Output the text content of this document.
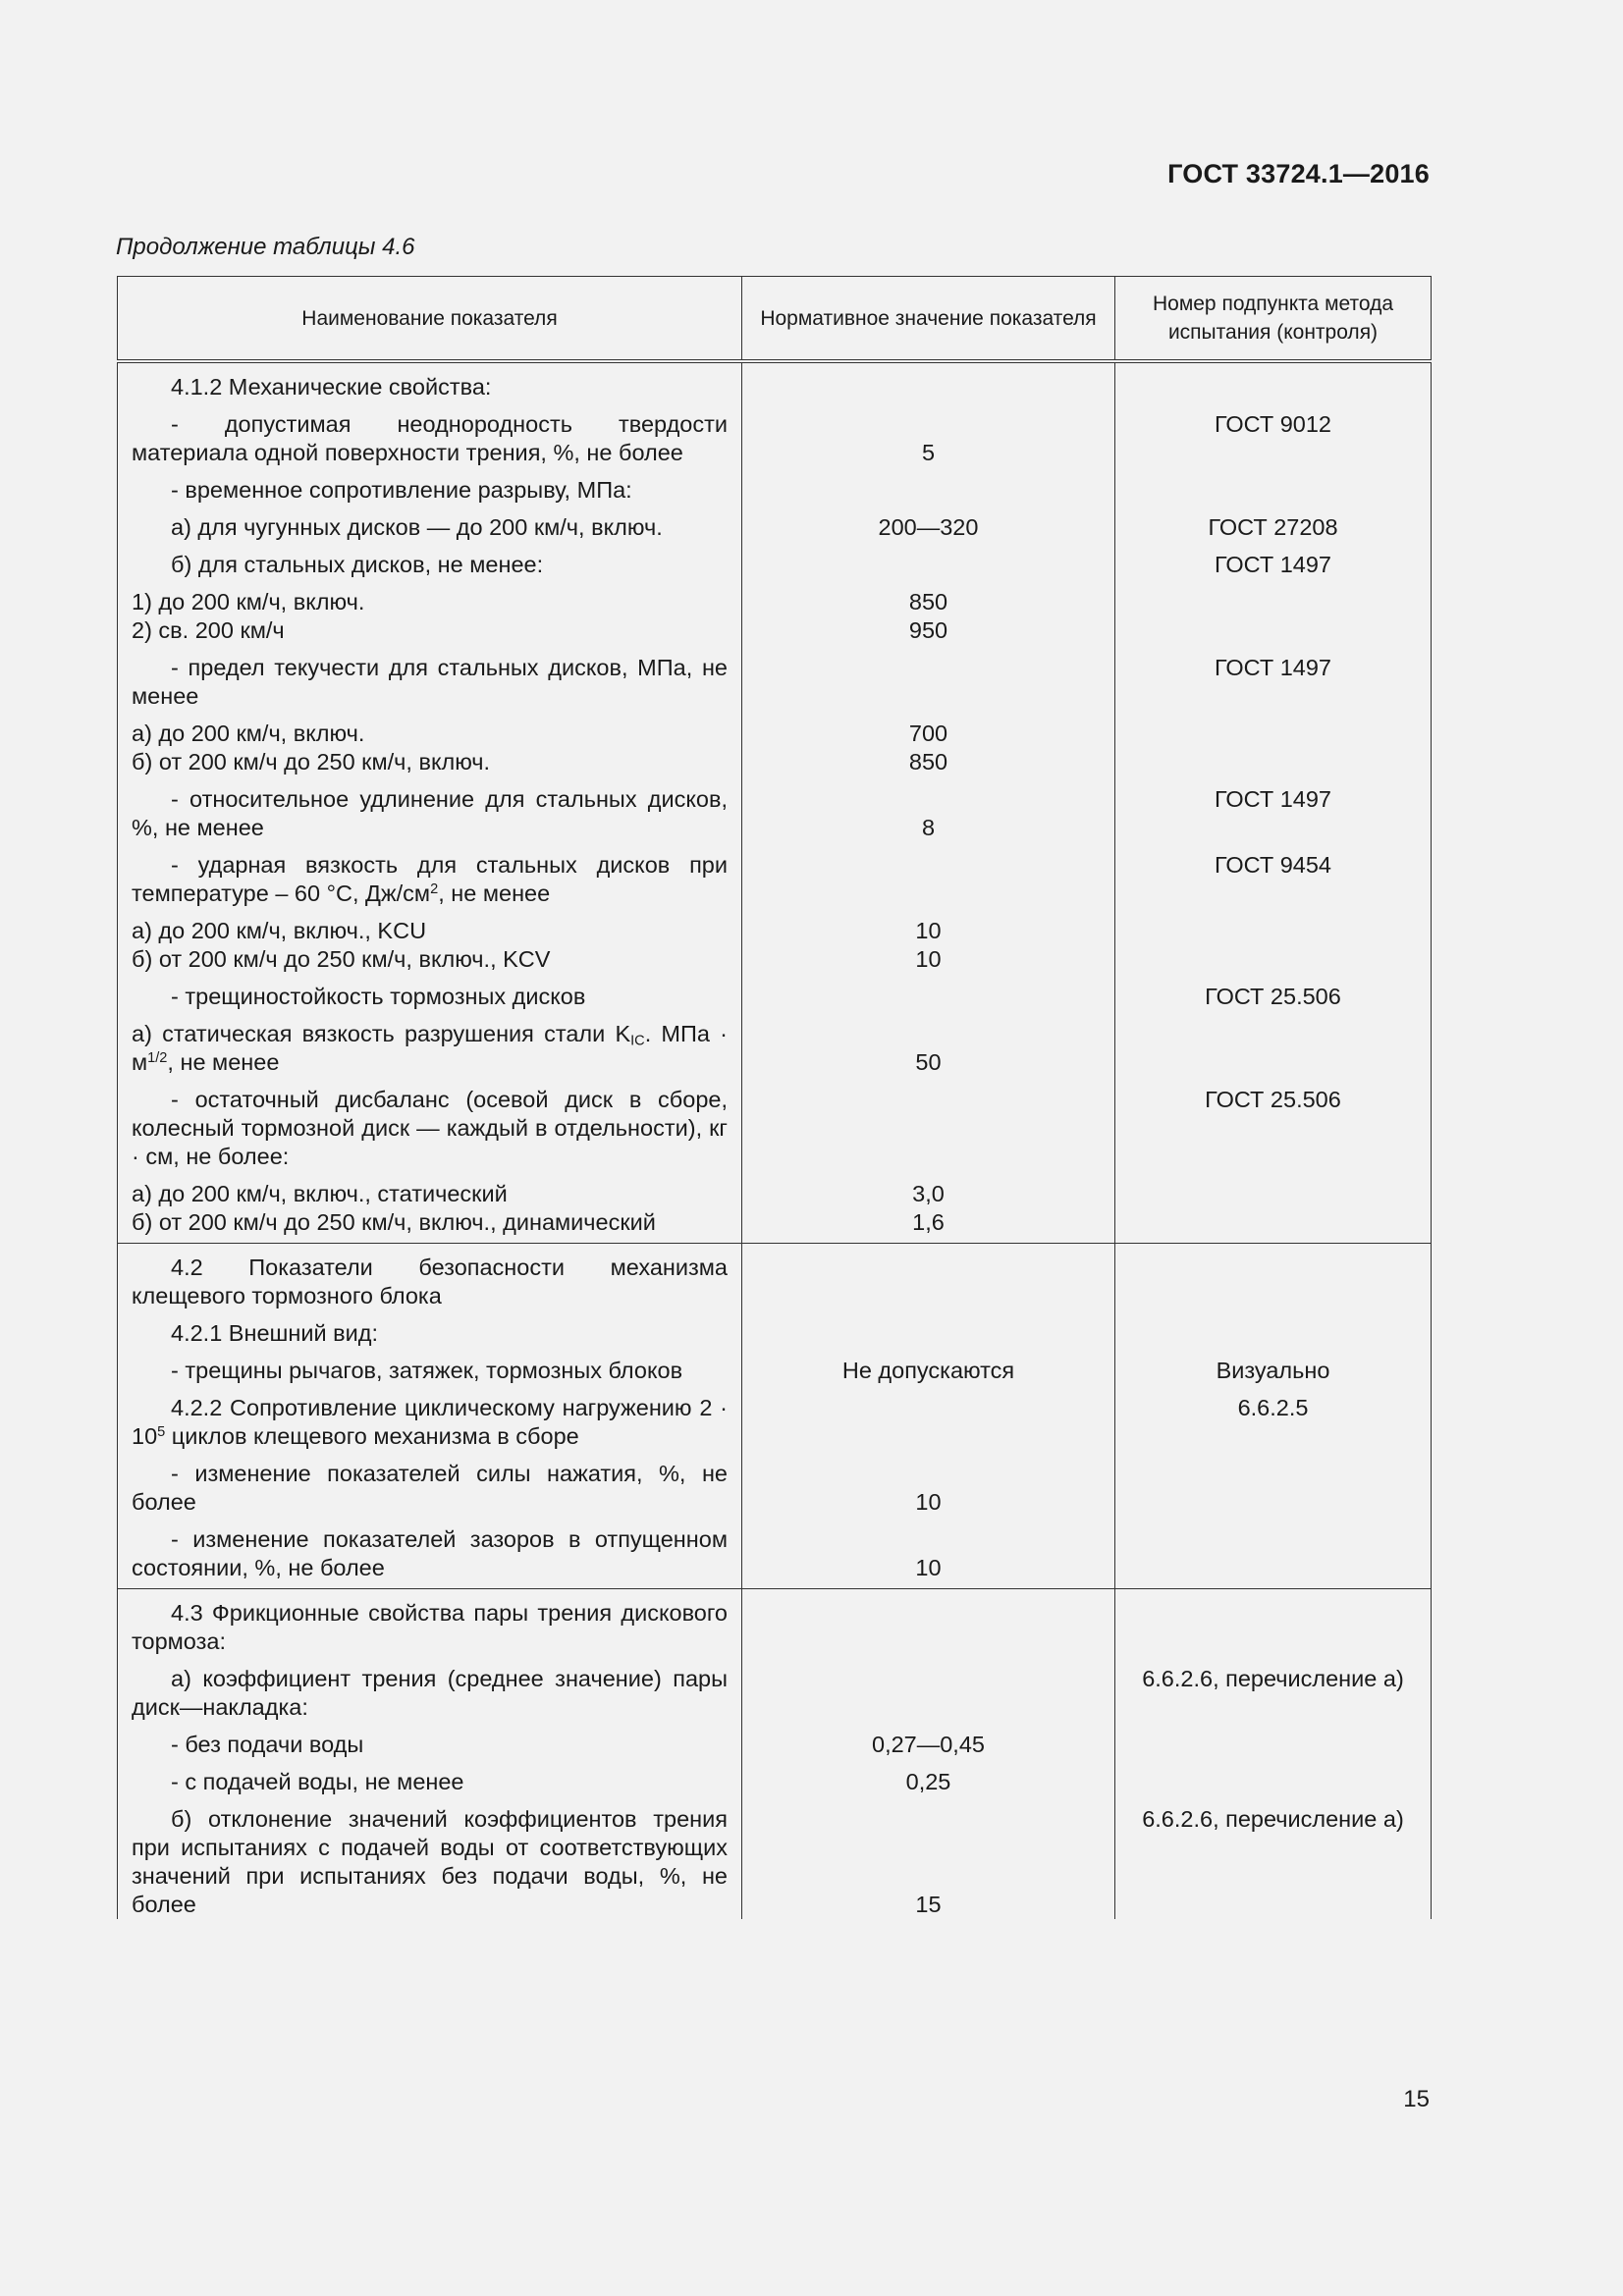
ГОСТ 33724.1—2016
Продолжение таблицы 4.6
Наименование показателя	Нормативное значение показателя	Номер подпункта метода испытания (контроля)
4.1.2 Механические свойства:		
- допустимая неоднородность твердости материала одной поверхности трения, %, не более	5	ГОСТ 9012
- временное сопротивление разрыву, МПа:		
а) для чугунных дисков — до 200 км/ч, включ.	200—320	ГОСТ 27208
б) для стальных дисков, не менее:		ГОСТ 1497
1) до 200 км/ч, включ.	850	
2) св. 200 км/ч	950	
- предел текучести для стальных дисков, МПа, не менее		ГОСТ 1497
а) до 200 км/ч, включ.	700	
б) от 200 км/ч до 250 км/ч, включ.	850	
- относительное удлинение для стальных дисков, %, не менее	8	ГОСТ 1497
- ударная вязкость для стальных дисков при температуре – 60 °С, $Дж/см^2$, не менее		ГОСТ 9454
а) до 200 км/ч, включ., KCU	10	
б) от 200 км/ч до 250 км/ч, включ., KCV	10	
- трещиностойкость тормозных дисков		ГОСТ 25.506
а) статическая вязкость разрушения стали $K_{IC}$. МПа · $м^{1/2}$, не менее	50	
- остаточный дисбаланс (осевой диск в сборе, колесный тормозной диск — каждый в отдельности), кг · см, не более:		ГОСТ 25.506
а) до 200 км/ч, включ., статический	3,0	
б) от 200 км/ч до 250 км/ч, включ., динамический	1,6	
4.2 Показатели безопасности механизма клещевого тормозного блока		
4.2.1 Внешний вид:		
- трещины рычагов, затяжек, тормозных блоков	Не допускаются	Визуально
4.2.2 Сопротивление циклическому нагружению $2 \cdot 10^5$ циклов клещевого механизма в сборе		6.6.2.5
- изменение показателей силы нажатия, %, не более	10	
- изменение показателей зазоров в отпущенном состоянии, %, не более	10	
4.3 Фрикционные свойства пары трения дискового тормоза:		
а) коэффициент трения (среднее значение) пары диск—накладка:		6.6.2.6, перечисление а)
- без подачи воды	0,27—0,45	
- с подачей воды, не менее	0,25	
б) отклонение значений коэффициентов трения при испытаниях с подачей воды от соответствующих значений при испытаниях без подачи воды, %, не более	15	6.6.2.6, перечисление а)
15
